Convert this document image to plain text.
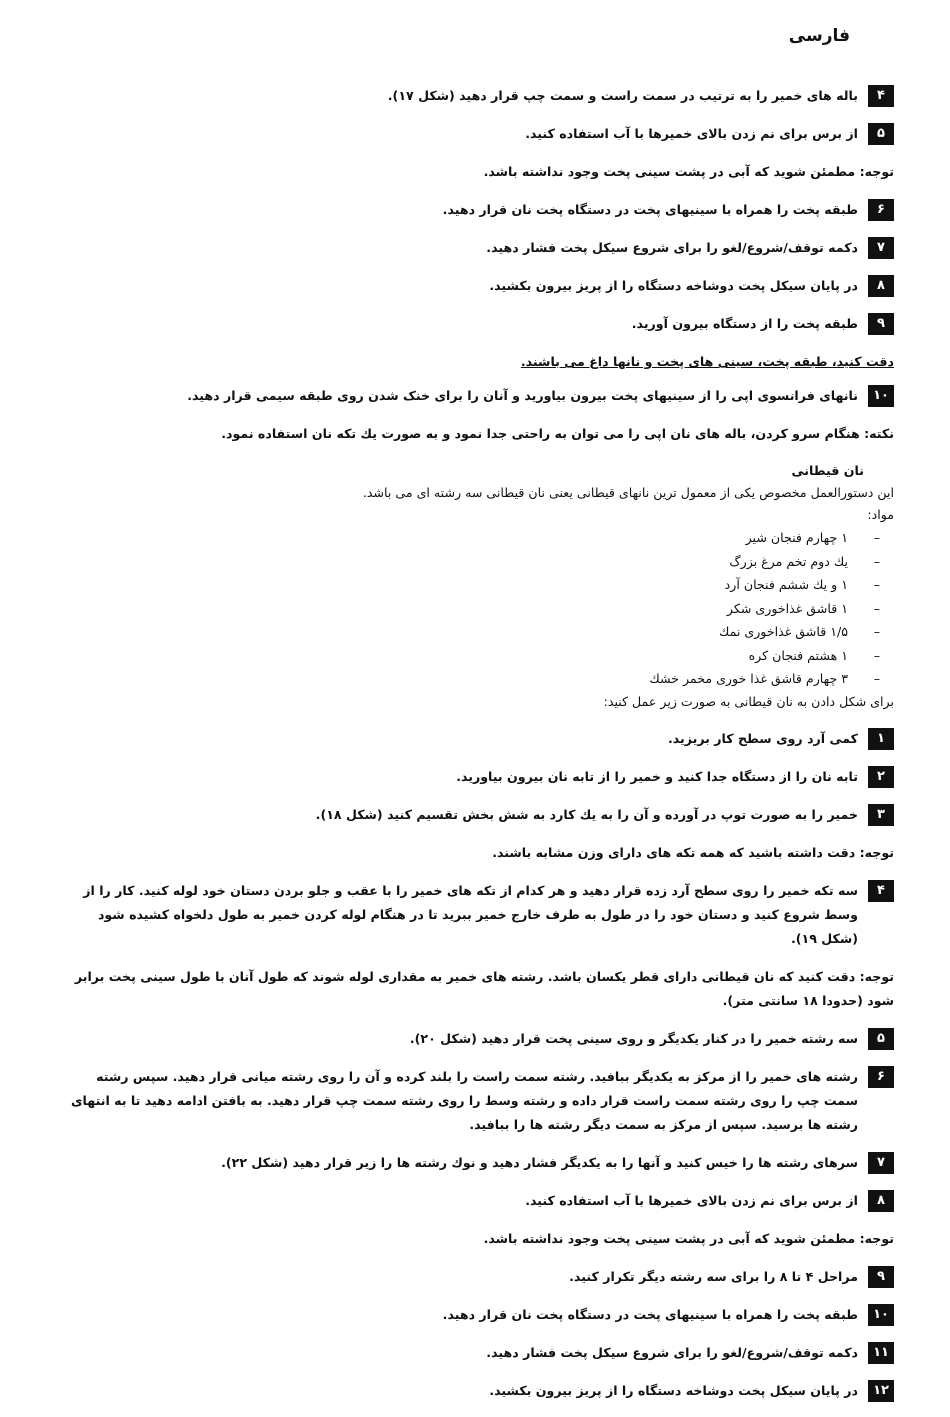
فارسی
۴
باله های خمیر را به ترتیب در سمت راست و سمت چپ قرار دهید (شکل ۱۷).
۵
از برس برای نم زدن بالای خمیرها با آب استفاده کنید.
توجه: مطمئن شوید که آبی در پشت سینی پخت وجود نداشته باشد.
۶
طبقه پخت را همراه با سینیهای پخت در دستگاه پخت نان قرار دهید.
۷
دکمه توقف/شروع/لغو را برای شروع سیکل پخت فشار دهید.
۸
در پایان سیکل پخت دوشاخه دستگاه را از پریز بیرون بکشید.
۹
طبقه پخت را از دستگاه بیرون آورید.
دقت کنید، طبقه پخت، سینی های پخت و نانها داغ می باشند.
۱۰
نانهای فرانسوی اپی را از سینیهای پخت بیرون بیاورید و آنان را برای خنک شدن روی طبقه سیمی قرار دهید.
نکته: هنگام سرو کردن، باله های نان اپی را می توان به راحتی جدا نمود و به صورت یك تکه نان استفاده نمود.
نان قیطانی
این دستورالعمل مخصوص یکی از معمول ترین نانهای قیطانی یعنی نان قیطانی سه رشته ای می باشد.
مواد:
–۱ چهارم فنجان شیر
–یك دوم تخم مرغ بزرگ
–۱ و یك ششم فنجان آرد
–۱ قاشق غذاخوری شکر
–۱/۵ قاشق غذاخوری نمك
–۱ هشتم فنجان کره
–۳ چهارم قاشق غذا خوری مخمر خشك
برای شکل دادن به نان قیطانی به صورت زیر عمل کنید:
۱
کمی آرد روی سطح کار بریزید.
۲
تابه نان را از دستگاه جدا کنید و خمیر را از تابه نان بیرون بیاورید.
۳
خمیر را به صورت توپ در آورده و آن را به یك کارد به شش بخش تقسیم کنید (شکل ۱۸).
توجه: دقت داشته باشید که همه تکه های دارای وزن مشابه باشند.
۴
سه تکه خمیر را روی سطح آرد زده قرار دهید و هر کدام از تکه های خمیر را با عقب و جلو بردن دستان خود لوله کنید. کار را از وسط شروع کنید و دستان خود را در طول به طرف خارج خمیر ببرید تا در هنگام لوله کردن خمیر به طول دلخواه کشیده شود (شکل ۱۹).
توجه: دقت کنید که نان قیطانی دارای قطر یکسان باشد. رشته های خمیر به مقداری لوله شوند که طول آنان با طول سینی پخت برابر شود (حدودا ۱۸ سانتی متر).
۵
سه رشته خمیر را در کنار یکدیگر و روی سینی پخت قرار دهید (شکل ۲۰).
۶
رشته های خمیر را از مرکز به یکدیگر ببافید. رشته سمت راست را بلند کرده و آن را روی رشته میانی قرار دهید. سپس رشته سمت چپ را روی رشته سمت راست قرار داده و رشته وسط را روی رشته سمت چپ قرار دهید. به بافتن ادامه دهید تا به انتهای رشته ها برسید. سپس از مرکز به سمت دیگر رشته ها را ببافید.
۷
سرهای رشته ها را خیس کنید و آنها را به یکدیگر فشار دهید و نوك رشته ها را زیر قرار دهید (شکل ۲۲).
۸
از برس برای نم زدن بالای خمیرها با آب استفاده کنید.
توجه: مطمئن شوید که آبی در پشت سینی پخت وجود نداشته باشد.
۹
مراحل ۴ تا ۸ را برای سه رشته دیگر تکرار کنید.
۱۰
طبقه پخت را همراه با سینیهای پخت در دستگاه پخت نان قرار دهید.
۱۱
دکمه توقف/شروع/لغو را برای شروع سیکل پخت فشار دهید.
۱۲
در پایان سیکل پخت دوشاخه دستگاه را از پریز بیرون بکشید.
